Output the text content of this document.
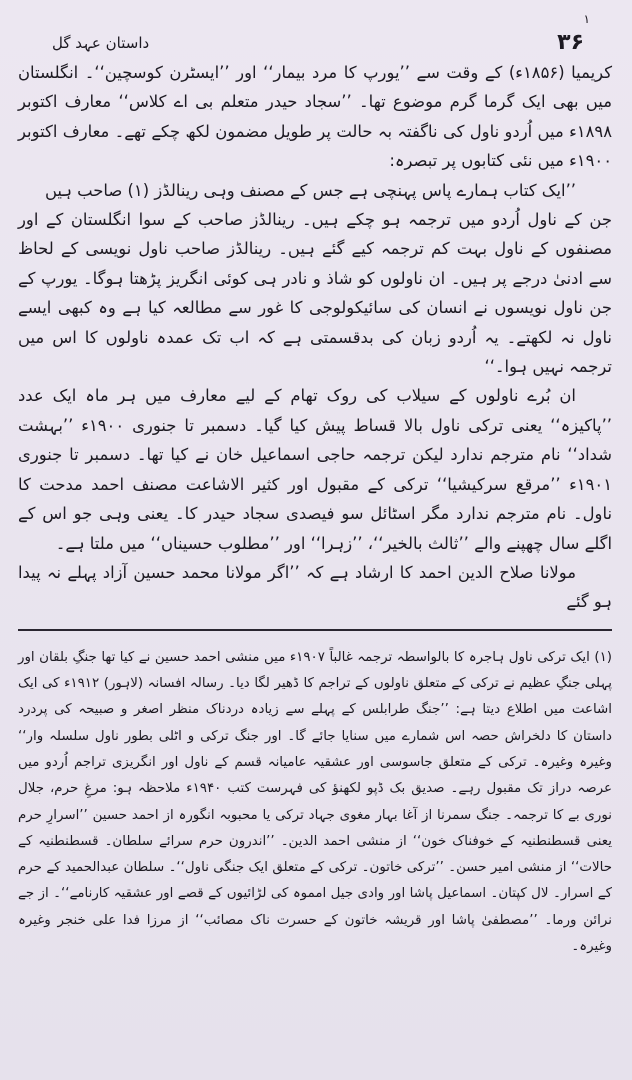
داستان عہد گل
۱
۳۶

کریمیا (۱۸۵۶ء) کے وقت سے ’’یورپ کا مرد بیمار‘‘ اور ’’ایسٹرن کوسچین‘‘۔ انگلستان میں بھی ایک گرما گرم موضوع تھا۔ ’’سجاد حیدر متعلم بی اے کلاس‘‘ معارف اکتوبر ۱۸۹۸ء میں اُردو ناول کی ناگفتہ بہ حالت پر طویل مضمون لکھ چکے تھے۔ معارف اکتوبر ۱۹۰۰ء میں نئی کتابوں پر تبصرہ:

’’ایک کتاب ہمارے پاس پہنچی ہے جس کے مصنف وہی رینالڈز (۱) صاحب ہیں

جن کے ناول اُردو میں ترجمہ ہو چکے ہیں۔ رینالڈز صاحب کے سوا انگلستان کے اور مصنفوں کے ناول بہت کم ترجمہ کیے گئے ہیں۔ رینالڈز صاحب ناول نویسی کے لحاظ سے ادنیٰ درجے پر ہیں۔ ان ناولوں کو شاذ و نادر ہی کوئی انگریز پڑھتا ہوگا۔ یورپ کے جن ناول نویسوں نے انسان کی سائیکولوجی کا غور سے مطالعہ کیا ہے وہ کبھی ایسے ناول نہ لکھتے۔ یہ اُردو زبان کی بدقسمتی ہے کہ اب تک عمدہ ناولوں کا اس میں ترجمہ نہیں ہوا۔‘‘

ان بُرے ناولوں کے سیلاب کی روک تھام کے لیے معارف میں ہر ماہ ایک عدد ’’پاکیزہ‘‘ یعنی ترکی ناول بالا قساط پیش کیا گیا۔ دسمبر تا جنوری ۱۹۰۰ء ’’بہشت شداد‘‘ نام مترجم ندارد لیکن ترجمہ حاجی اسماعیل خان نے کیا تھا۔ دسمبر تا جنوری ۱۹۰۱ء ’’مرقع سرکیشیا‘‘ ترکی کے مقبول اور کثیر الاشاعت مصنف احمد مدحت کا ناول۔ نام مترجم ندارد مگر اسٹائل سو فیصدی سجاد حیدر کا۔ یعنی وہی جو اس کے اگلے سال چھپنے والے ’’ثالث بالخیر‘‘، ’’زہرا‘‘ اور ’’مطلوب حسیناں‘‘ میں ملتا ہے۔

مولانا صلاح الدین احمد کا ارشاد ہے کہ ’’اگر مولانا محمد حسین آزاد پہلے نہ پیدا ہو گئے

(۱) ایک ترکی ناول ہاجرہ کا بالواسطہ ترجمہ غالباً ۱۹۰۷ء میں منشی احمد حسین نے کیا تھا جنگِ بلقان اور پہلی جنگِ عظیم نے ترکی کے متعلق ناولوں کے تراجم کا ڈھیر لگا دیا۔ رسالہ افسانہ (لاہور) ۱۹۱۲ء کی ایک اشاعت میں اطلاع دیتا ہے: ’’جنگ طرابلس کے پہلے سے زیادہ دردناک منظر اصغر و صبیحہ کی پردرد داستان کا دلخراش حصہ اس شمارے میں سنایا جائے گا۔ اور جنگ ترکی و اٹلی بطور ناول سلسلہ وار‘‘ وغیرہ وغیرہ۔ ترکی کے متعلق جاسوسی اور عشقیہ عامیانہ قسم کے ناول اور انگریزی تراجم اُردو میں عرصہ دراز تک مقبول رہے۔ صدیق بک ڈپو لکھنؤ کی فہرست کتب ۱۹۴۰ء ملاحظہ ہو: مرغِ حرم، جلال نوری بے کا ترجمہ۔ جنگ سمرنا از آغا بہار مغوی جہاد ترکی یا محبوبہ انگورہ از احمد حسین ’’اسرارِ حرم یعنی قسطنطنیہ کے خوفناک خون‘‘ از منشی احمد الدین۔ ’’اندرون حرم سرائے سلطان۔ قسطنطنیہ کے حالات‘‘ از منشی امیر حسن۔ ’’ترکی خاتون۔ ترکی کے متعلق ایک جنگی ناول‘‘۔ سلطان عبدالحمید کے حرم کے اسرار۔ لال کپتان۔ اسماعیل پاشا اور وادی جیل امموہ کی لڑائیوں کے قصے اور عشقیہ کارنامے‘‘۔ از جے نرائن ورما۔ ’’مصطفیٰ پاشا اور قریشہ خاتون کے حسرت ناک مصائب‘‘ از مرزا فدا علی خنجر وغیرہ وغیرہ۔
